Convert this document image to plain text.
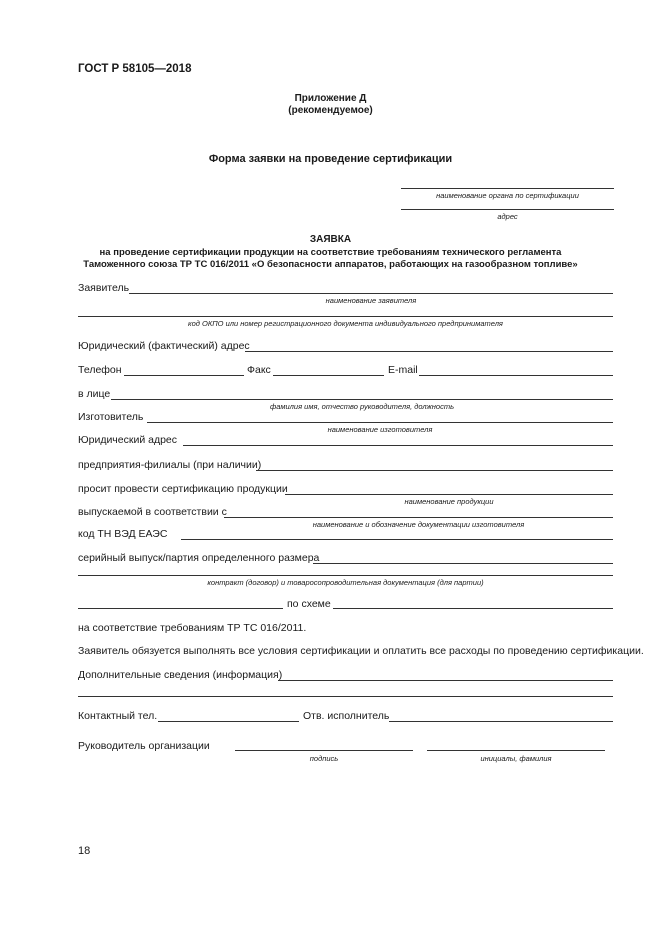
ГОСТ Р 58105—2018
Приложение Д
(рекомендуемое)
Форма заявки на проведение сертификации
наименование органа по сертификации
адрес
ЗАЯВКА
на проведение сертификации продукции на соответствие требованиям технического регламента
Таможенного союза ТР ТС 016/2011 «О безопасности аппаратов, работающих на газообразном топливе»
Заявитель
наименование заявителя
код ОКПО или номер регистрационного документа индивидуального предпринимателя
Юридический (фактический) адрес
Телефон	Факс	E-mail
в лице
фамилия имя, отчество руководителя, должность
Изготовитель
наименование изготовителя
Юридический адрес
предприятия-филиалы (при наличии)
просит провести сертификацию продукции
наименование продукции
выпускаемой в соответствии с
наименование и обозначение документации изготовителя
код ТН ВЭД ЕАЭС
серийный выпуск/партия определенного размера
контракт (договор) и товаросопроводительная документация (для партии)
по схеме
на соответствие требованиям ТР ТС 016/2011.
Заявитель обязуется выполнять все условия сертификации и оплатить все расходы по проведению сертификации.
Дополнительные сведения (информация)
Контактный тел.	Отв. исполнитель
Руководитель организации
подпись	инициалы, фамилия
18
